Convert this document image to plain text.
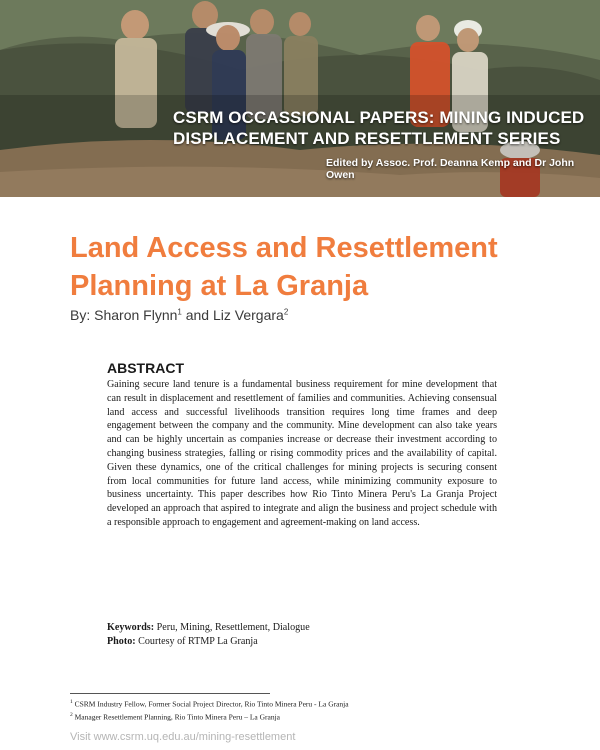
CSRM OCCASSIONAL PAPERS: MINING INDUCED
DISPLACEMENT AND RESETTLEMENT SERIES
Edited by Assoc. Prof. Deanna Kemp and Dr John Owen
Land Access and Resettlement Planning at La Granja
By: Sharon Flynn$^1$ and Liz Vergara$^2$
ABSTRACT

Gaining secure land tenure is a fundamental business requirement for mine development that can result in displacement and resettlement of families and communities. Achieving consensual land access and successful livelihoods transition requires long time frames and deep engagement between the company and the community. Mine development can also take years and can be highly uncertain as companies increase or decrease their investment according to changing business strategies, falling or rising commodity prices and the availability of capital. Given these dynamics, one of the critical challenges for mining projects is securing consent from local communities for future land access, while minimizing community exposure to business uncertainty. This paper describes how Rio Tinto Minera Peru's La Granja Project developed an approach that aspired to integrate and align the business and project schedule with a responsible approach to engagement and agreement-making on land access.

Keywords: Peru, Mining, Resettlement, Dialogue
Photo: Courtesy of RTMP La Granja
$^1$ CSRM Industry Fellow, Former Social Project Director, Rio Tinto Minera Peru - La Granja
$^2$ Manager Resettlement Planning, Rio Tinto Minera Peru – La Granja
Visit www.csrm.uq.edu.au/mining-resettlement
